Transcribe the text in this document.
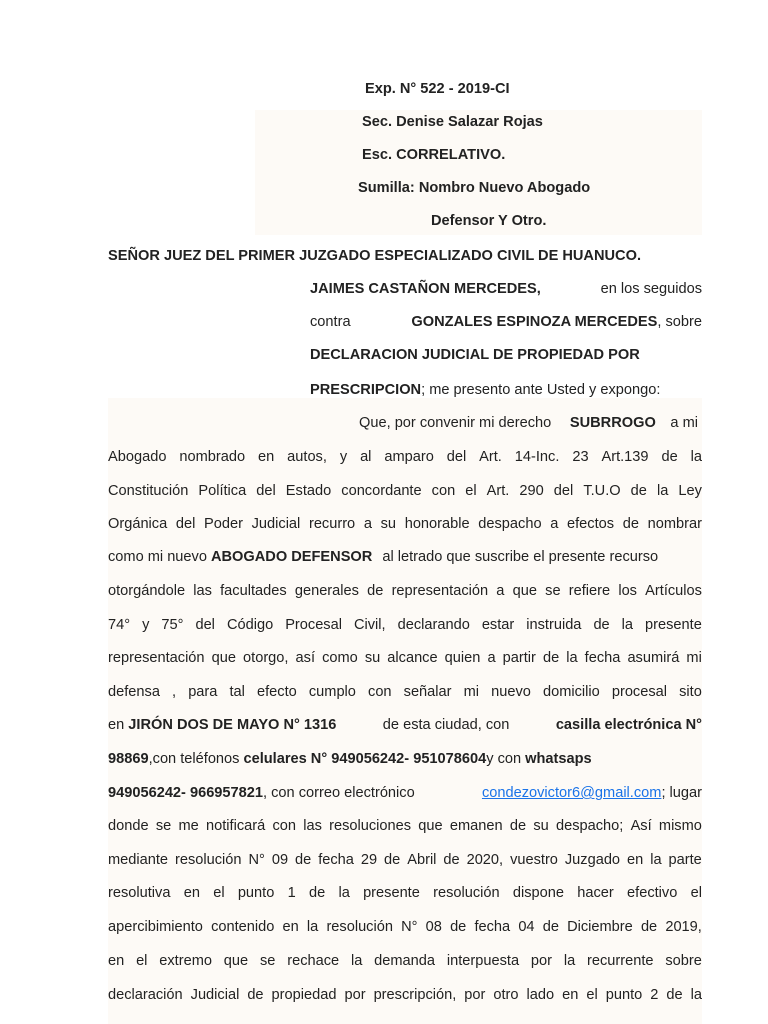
Exp. N° 522 - 2019-CI
Sec. Denise Salazar Rojas
Esc. CORRELATIVO.
Sumilla: Nombro Nuevo Abogado
Defensor Y Otro.
SEÑOR JUEZ DEL PRIMER JUZGADO ESPECIALIZADO CIVIL DE HUANUCO.
JAIMES CASTAÑON MERCEDES,	en los seguidos
contra	GONZALES ESPINOZA MERCEDES, sobre
DECLARACION JUDICIAL DE PROPIEDAD POR
PRESCRIPCION ; me presento ante Usted y expongo:
Que, por convenir mi derecho SUBRROGO a mi
Abogado nombrado en autos, y al amparo del Art. 14-Inc. 23 Art.139 de la
Constitución Política del Estado concordante con el Art. 290 del T.U.O de la Ley
Orgánica del Poder Judicial recurro a su honorable despacho a efectos de nombrar
como mi nuevo ABOGADO DEFENSOR al letrado que suscribe el presente recurso
otorgándole las facultades generales de representación a que se refiere los Artículos
74° y 75° del Código Procesal Civil, declarando estar instruida de la presente
representación que otorgo, así como su alcance quien a partir de la fecha asumirá mi
defensa , para tal efecto cumplo con señalar mi nuevo domicilio procesal sito
en JIRÓN DOS DE MAYO N° 1316	de esta ciudad, con	casilla electrónica N°
98869 ,con teléfonos celulares N° 949056242- 951078604 y con whatsaps
949056242- 966957821, con correo electrónico	condezovictor6@gmail.com; lugar
donde se me notificará con las resoluciones que emanen de su despacho; Así mismo
mediante resolución N° 09 de fecha 29 de Abril de 2020, vuestro Juzgado en la parte
resolutiva en el punto 1 de la presente resolución dispone hacer efectivo el
apercibimiento contenido en la resolución N° 08 de fecha 04 de Diciembre de 2019,
en el extremo que se rechace la demanda interpuesta por la recurrente sobre
declaración Judicial de propiedad por prescripción, por otro lado en el punto 2 de la
